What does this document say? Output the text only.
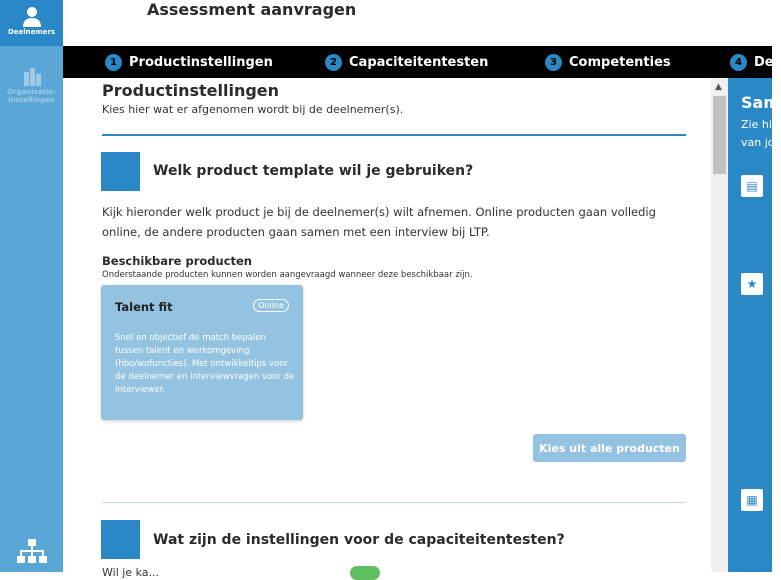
Deelnemers
Organisatie-instellingen
Assessment aanvragen
1 Productinstellingen	2 Capaciteitentesten	3 Competenties	4 De
Productinstellingen
Kies hier wat er afgenomen wordt bij de deelnemer(s).
Welk product template wil je gebruiken?
Kijk hieronder welk product je bij de deelnemer(s) wilt afnemen. Online producten gaan volledig online, de andere producten gaan samen met een interview bij LTP.
Beschikbare producten
Onderstaande producten kunnen worden aangevraagd wanneer deze beschikbaar zijn.
Talent fit	Online
Snel en objectief de match bepalen tussen talent en werkomgeving (hbo/wofuncties). Met ontwikkeltips voor de deelnemer en interviewvragen voor de interviewer.
Kies uit alle producten
Wat zijn de instellingen voor de capaciteitentesten?
Wil je ka...
▲
Sam
Zie hie
van jou
▤
★
▦
